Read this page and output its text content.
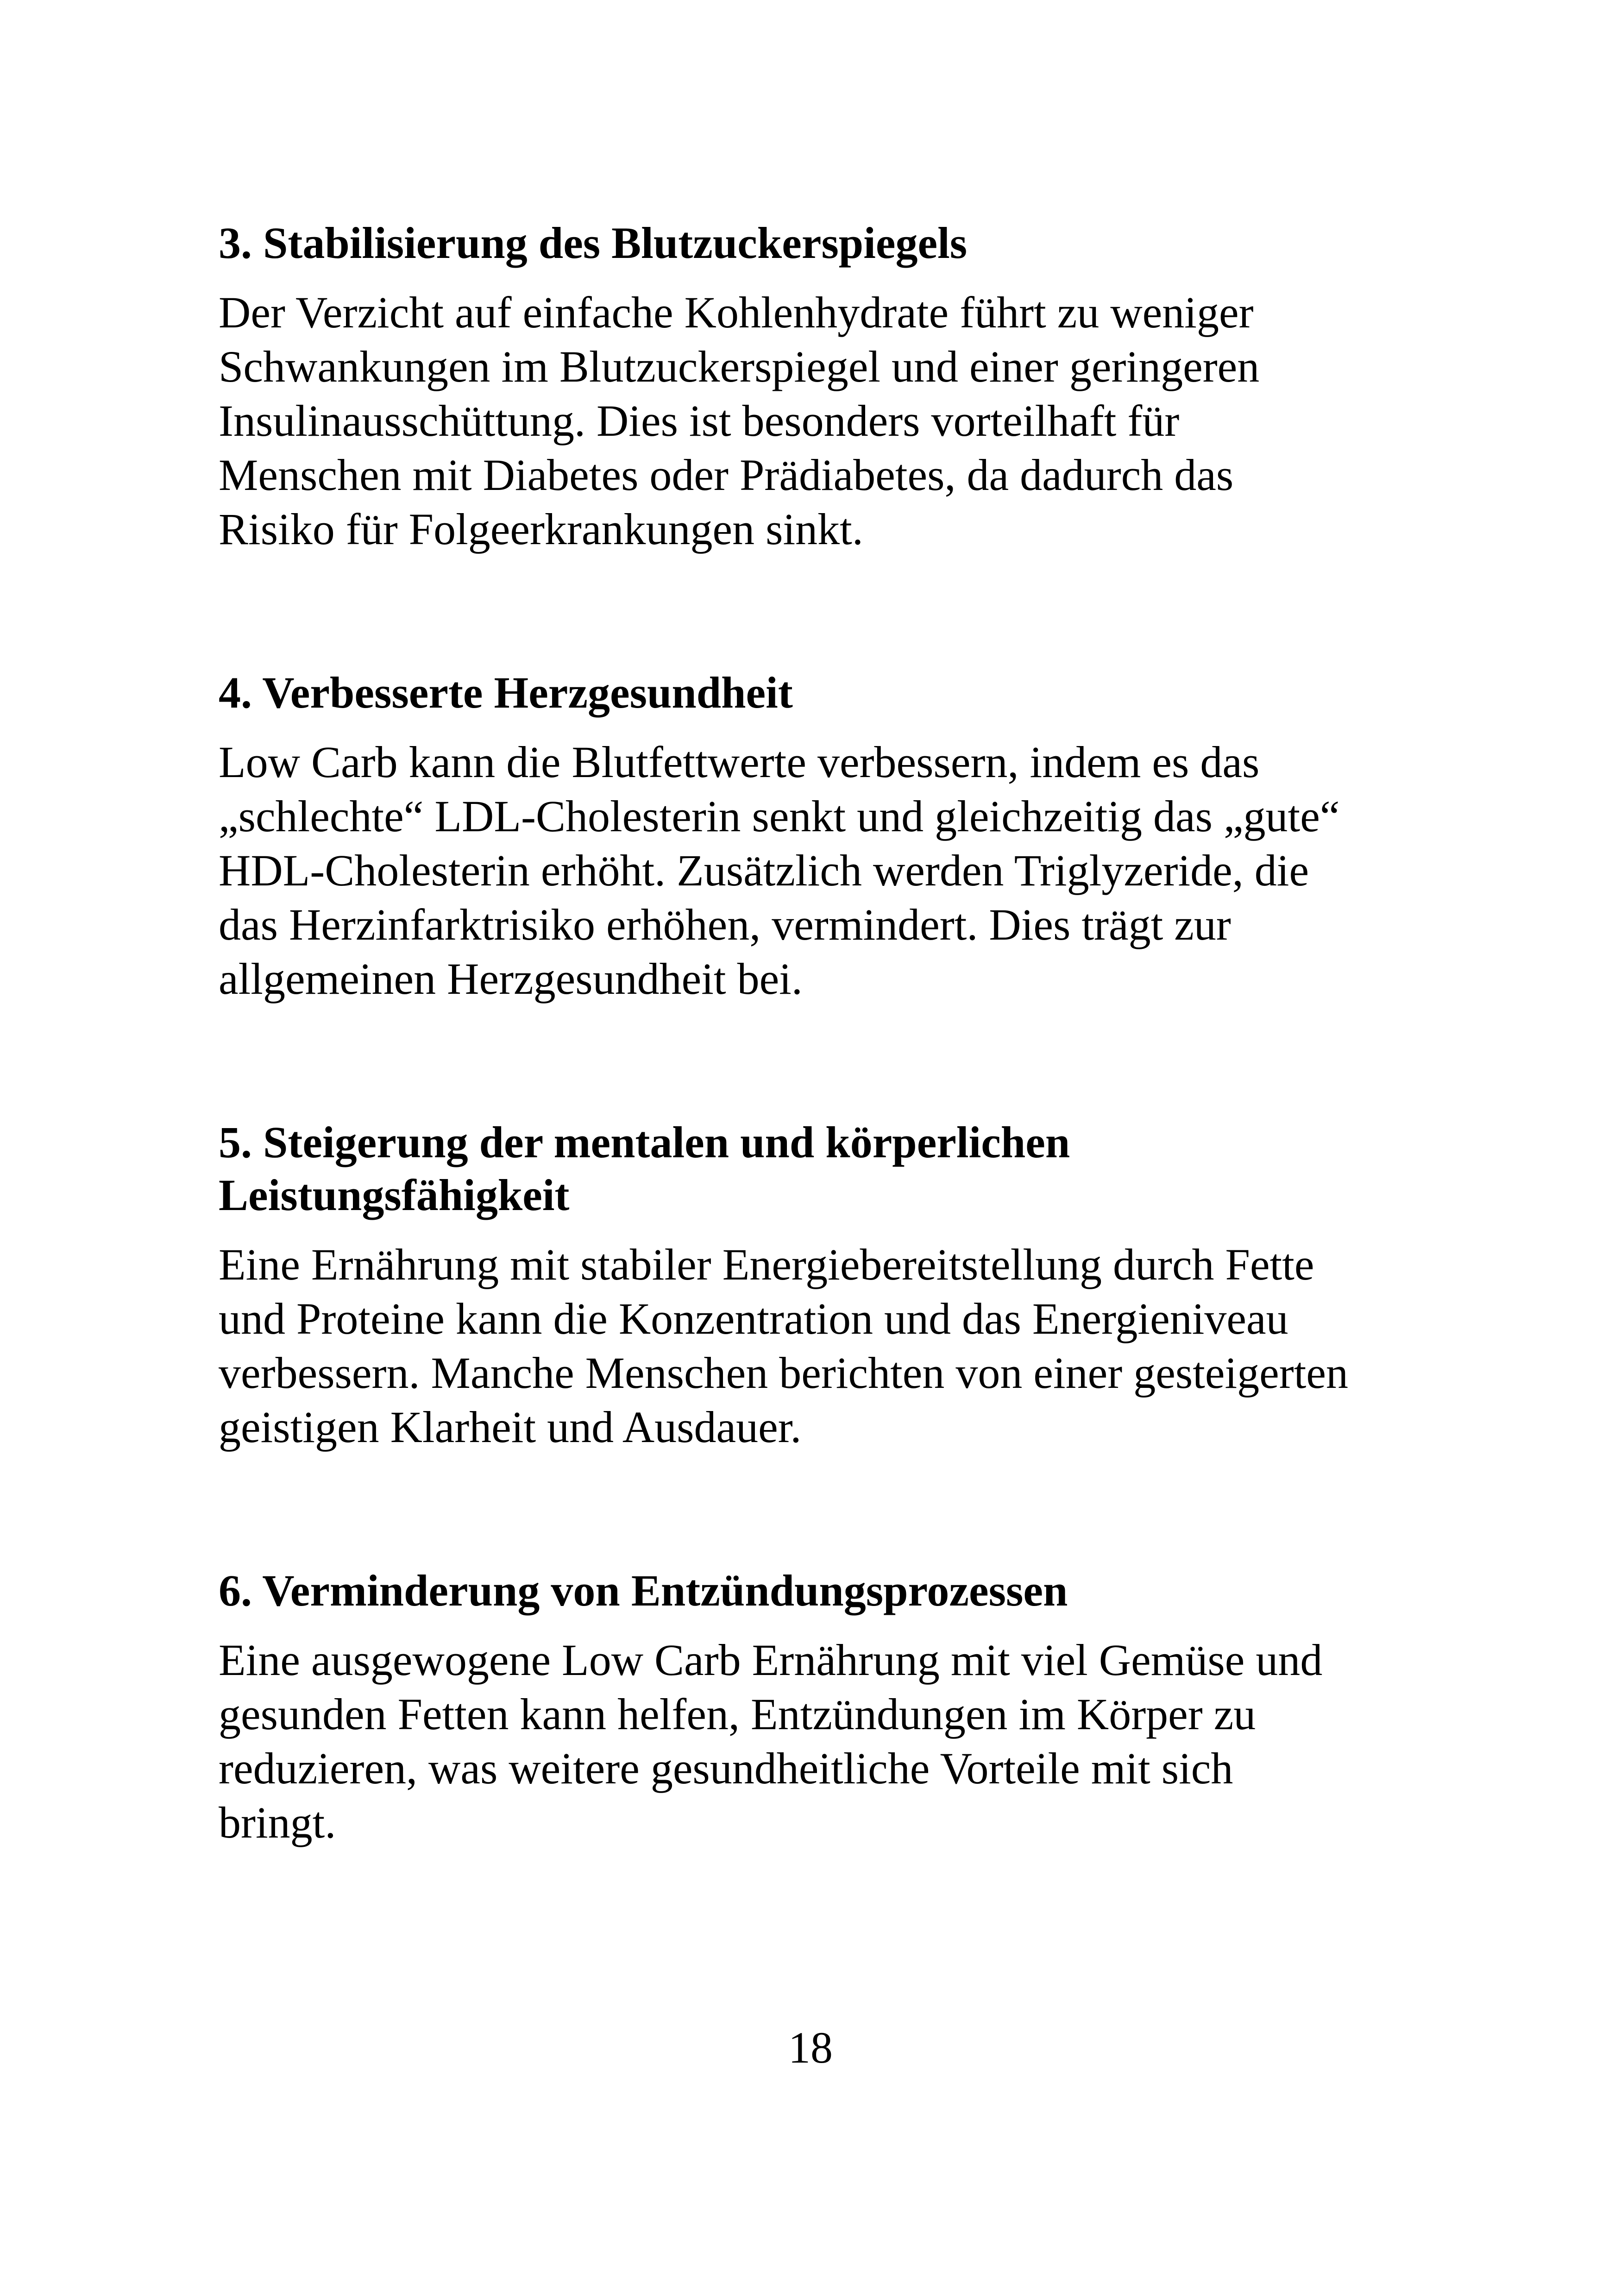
3. Stabilisierung des Blutzuckerspiegels

Der Verzicht auf einfache Kohlenhydrate führt zu weniger
Schwankungen im Blutzuckerspiegel und einer geringeren
Insulinausschüttung. Dies ist besonders vorteilhaft für
Menschen mit Diabetes oder Prädiabetes, da dadurch das
Risiko für Folgeerkrankungen sinkt.

4. Verbesserte Herzgesundheit

Low Carb kann die Blutfettwerte verbessern, indem es das
„schlechte“ LDL-Cholesterin senkt und gleichzeitig das „gute“
HDL-Cholesterin erhöht. Zusätzlich werden Triglyzeride, die
das Herzinfarktrisiko erhöhen, vermindert. Dies trägt zur
allgemeinen Herzgesundheit bei.

5. Steigerung der mentalen und körperlichen
Leistungsfähigkeit

Eine Ernährung mit stabiler Energiebereitstellung durch Fette
und Proteine kann die Konzentration und das Energieniveau
verbessern. Manche Menschen berichten von einer gesteigerten
geistigen Klarheit und Ausdauer.

6. Verminderung von Entzündungsprozessen

Eine ausgewogene Low Carb Ernährung mit viel Gemüse und
gesunden Fetten kann helfen, Entzündungen im Körper zu
reduzieren, was weitere gesundheitliche Vorteile mit sich
bringt.

18
